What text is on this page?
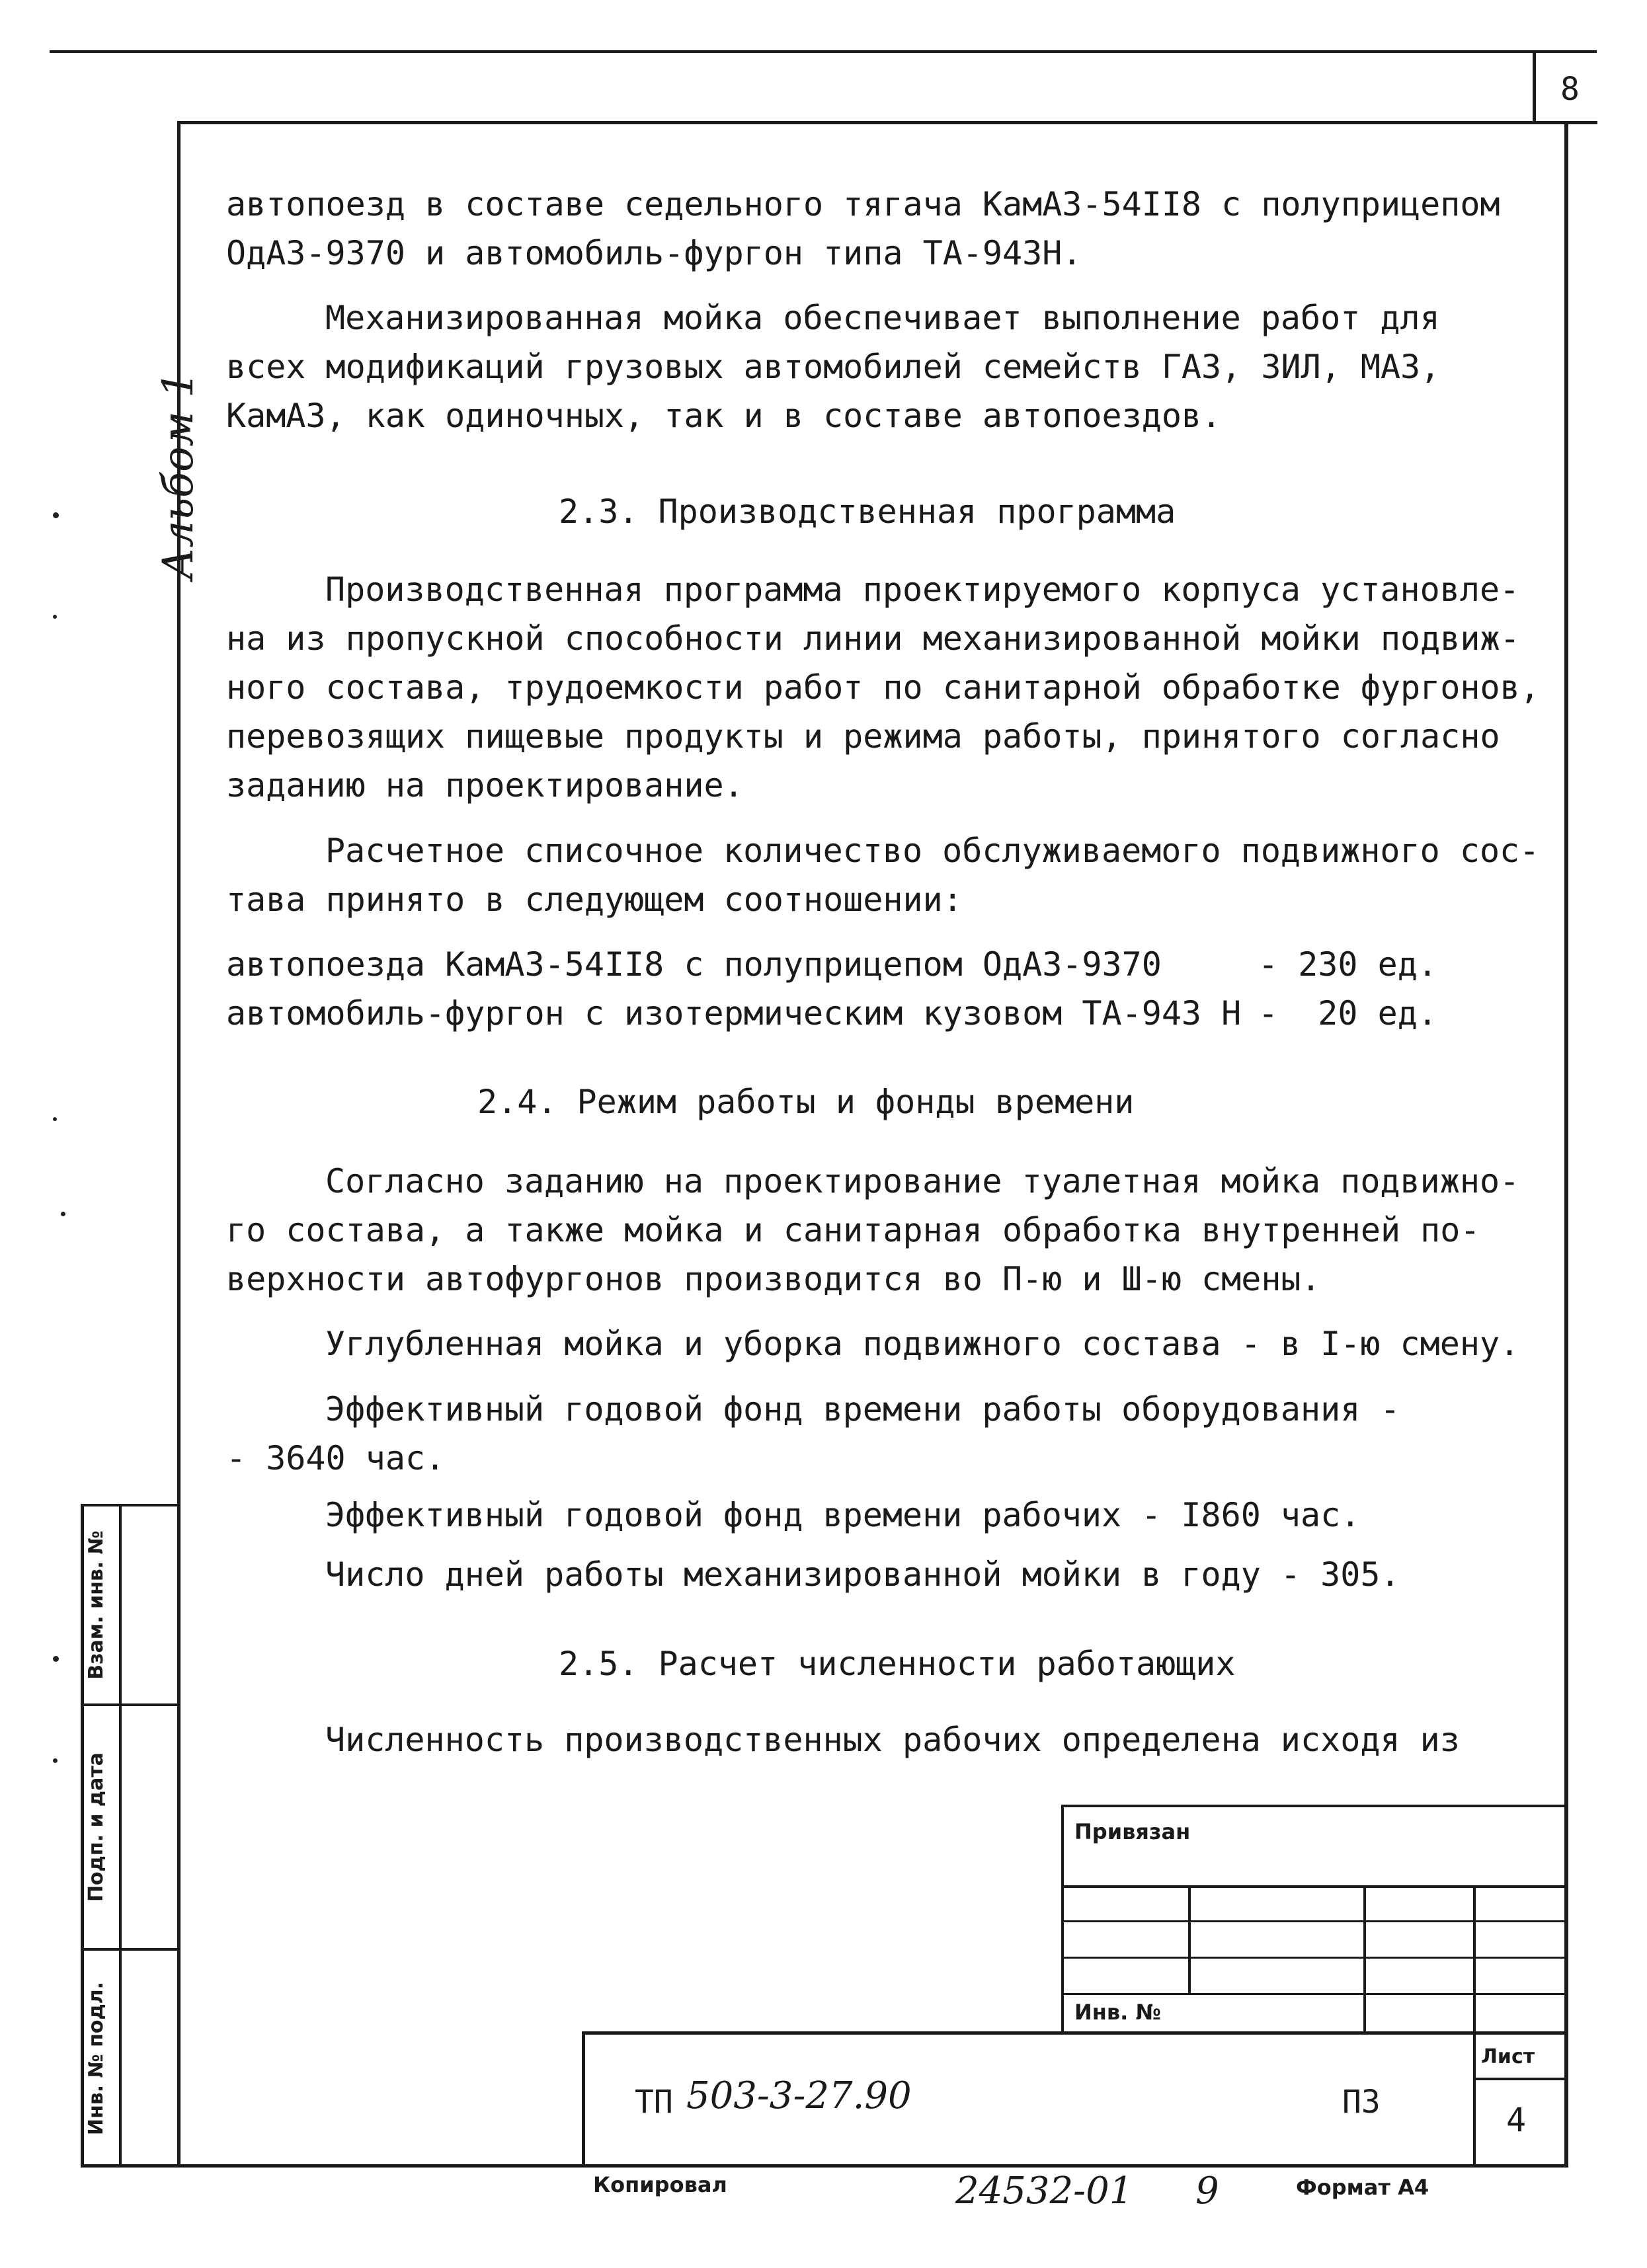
8
Альбом 1
автопоезд в составе седельного тягача КамАЗ-54II8 с полуприцепом
ОдАЗ-9370 и автомобиль-фургон типа ТА-943Н.
Механизированная мойка обеспечивает выполнение работ для
всех модификаций грузовых автомобилей семейств ГАЗ, ЗИЛ, МАЗ,
КамАЗ, как одиночных, так и в составе автопоездов.
2.3. Производственная программа
Производственная программа проектируемого корпуса установле-
на из пропускной способности линии механизированной мойки подвиж-
ного состава, трудоемкости работ по санитарной обработке фургонов,
перевозящих пищевые продукты и режима работы, принятого согласно
заданию на проектирование.
Расчетное списочное количество обслуживаемого подвижного сос-
тава принято в следующем соотношении:
автопоезда КамАЗ-54II8 с полуприцепом ОдАЗ-9370	- 230 ед.
автомобиль-фургон с изотермическим кузовом ТА-943 Н -  20 ед.
2.4. Режим работы и фонды времени
Согласно заданию на проектирование туалетная мойка подвижно-
го состава, а также мойка и санитарная обработка внутренней по-
верхности автофургонов производится во П-ю и Ш-ю смены.
Углубленная мойка и уборка подвижного состава - в I-ю смену.
Эффективный годовой фонд времени работы оборудования -
- 3640 час.
Эффективный годовой фонд времени рабочих - I860 час.
Число дней работы механизированной мойки в году - 305.
2.5. Расчет численности работающих
Численность производственных рабочих определена исходя из
Взам. инв. №
Подп. и дата
Инв. № подл.
Привязан
Инв. №
ТП 503-3-27.90	ПЗ
Лист
4
Копировал	24532-01 9	Формат А4
